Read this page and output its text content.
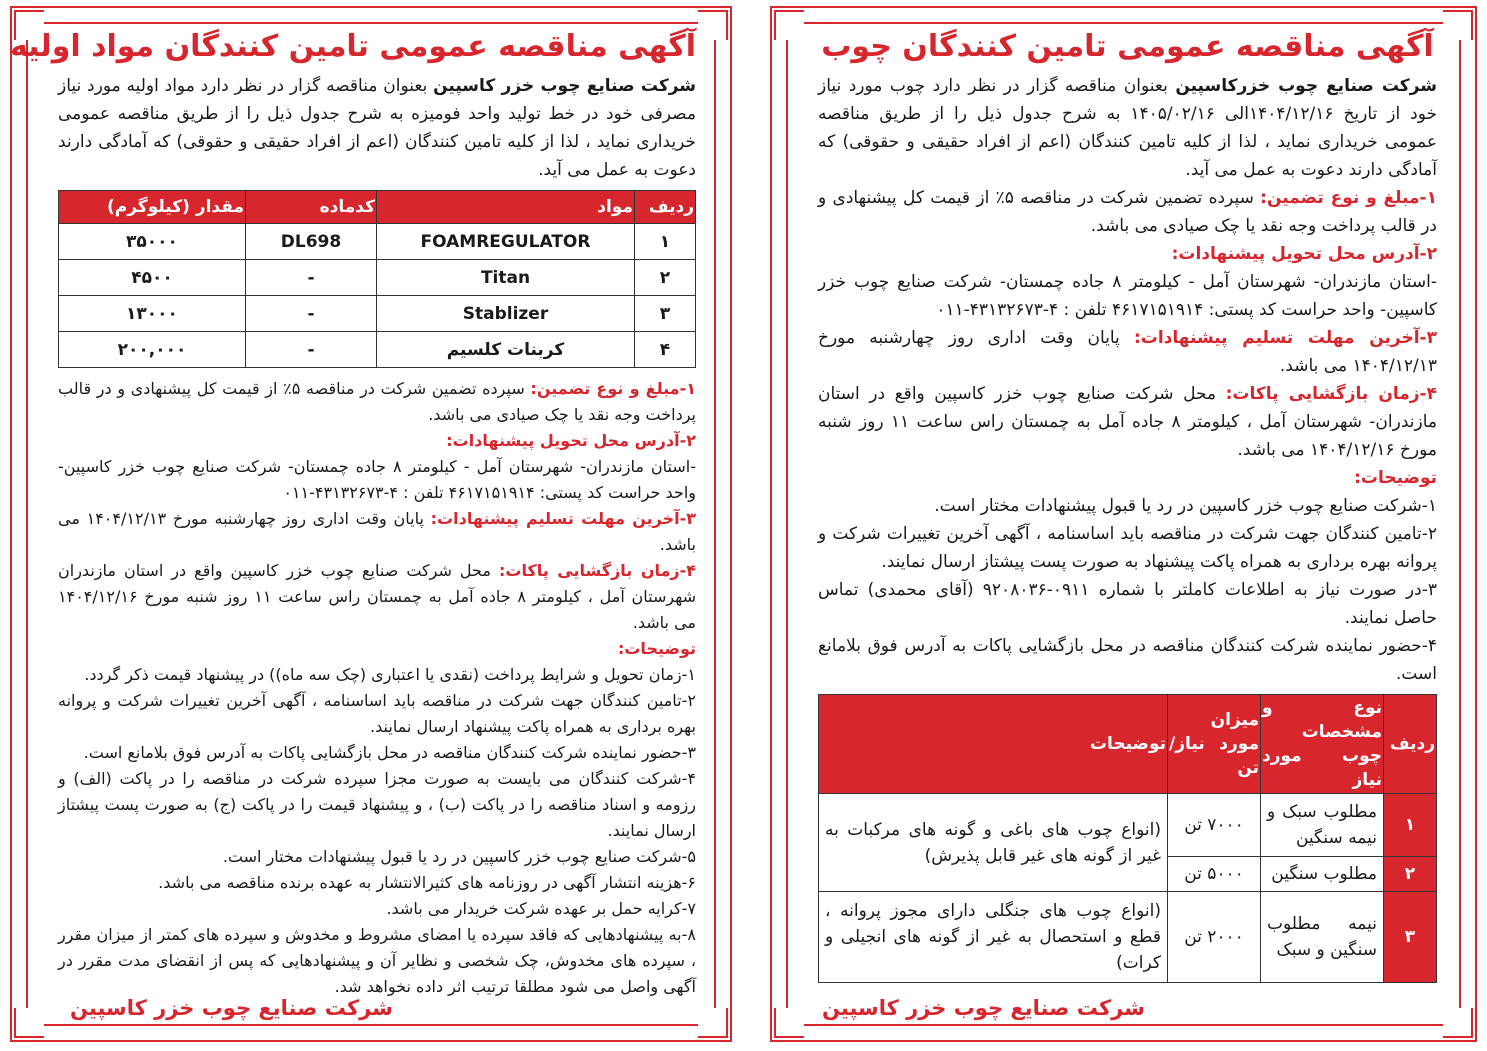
آگهی مناقصه عمومی تامین کنندگان مواد اولیه

شرکت صنایع چوب خزر کاسپین بعنوان مناقصه گزار در نظر دارد مواد اولیه مورد نیاز مصرفی خود در خط تولید واحد فومیزه به شرح جدول ذیل را از طریق مناقصه عمومی خریداری نماید ، لذا از کلیه تامین کنندگان (اعم از افراد حقیقی و حقوقی) که آمادگی دارند دعوت به عمل می آید.

ردیف	مواد	کدماده	مقدار (کیلوگرم)
۱	FOAMREGULATOR	DL698	۳۵۰۰۰
۲	Titan	-	۴۵۰۰
۳	Stablizer	-	۱۳۰۰۰
۴	کربنات کلسیم	-	۲۰۰,۰۰۰

۱-مبلغ و نوع تضمین: سپرده تضمین شرکت در مناقصه ۵٪ از قیمت کل پیشنهادی و در قالب پرداخت وجه نقد یا چک صیادی می باشد.

۲-آدرس محل تحویل پیشنهادات:

-استان مازندران- شهرستان آمل - کیلومتر ۸ جاده چمستان- شرکت صنایع چوب خزر کاسپین- واحد حراست کد پستی: ۴۶۱۷۱۵۱۹۱۴ تلفن : ۴-۴۳۱۳۲۶۷۳-۰۱۱

۳-آخرین مهلت تسلیم پیشنهادات: پایان وقت اداری روز چهارشنبه مورخ ۱۴۰۴/۱۲/۱۳ می باشد.

۴-زمان بازگشایی پاکات: محل شرکت صنایع چوب خزر کاسپین واقع در استان مازندران شهرستان آمل ، کیلومتر ۸ جاده آمل به چمستان راس ساعت ۱۱ روز شنبه مورخ ۱۴۰۴/۱۲/۱۶ می باشد.

توضیحات:

۱-زمان تحویل و شرایط پرداخت (نقدی یا اعتباری (چک سه ماه)) در پیشنهاد قیمت ذکر گردد.

۲-تامین کنندگان جهت شرکت در مناقصه باید اساسنامه ، آگهی آخرین تغییرات شرکت و پروانه بهره برداری به همراه پاکت پیشنهاد ارسال نمایند.

۳-حضور نماینده شرکت کنندگان مناقصه در محل بازگشایی پاکات به آدرس فوق بلامانع است.

۴-شرکت کنندگان می بایست به صورت مجزا سپرده شرکت در مناقصه را در پاکت (الف) و رزومه و اسناد مناقصه را در پاکت (ب) ، و پیشنهاد قیمت را در پاکت (ج) به صورت پست پیشتاز ارسال نمایند.

۵-شرکت صنایع چوب خزر کاسپین در رد یا قبول پیشنهادات مختار است.

۶-هزینه انتشار آگهی در روزنامه های کثیرالانتشار به عهده برنده مناقصه می باشد.

۷-کرایه حمل بر عهده شرکت خریدار می باشد.

۸-به پیشنهادهایی که فاقد سپرده یا امضای مشروط و مخدوش و سپرده های کمتر از میزان مقرر ، سپرده های مخدوش، چک شخصی و نظایر آن و پیشنهادهایی که پس از انقضای مدت مقرر در آگهی واصل می شود مطلقا ترتیب اثر داده نخواهد شد.

شرکت صنایع چوب خزر کاسپین
آگهی مناقصه عمومی تامین کنندگان چوب

شرکت صنایع چوب خزرکاسپین بعنوان مناقصه گزار در نظر دارد چوب مورد نیاز خود از تاریخ ۱۴۰۴/۱۲/۱۶الی ۱۴۰۵/۰۲/۱۶ به شرح جدول ذیل را از طریق مناقصه عمومی خریداری نماید ، لذا از کلیه تامین کنندگان (اعم از افراد حقیقی و حقوقی) که آمادگی دارند دعوت به عمل می آید.

۱-مبلغ و نوع تضمین: سپرده تضمین شرکت در مناقصه ۵٪ از قیمت کل پیشنهادی و در قالب پرداخت وجه نقد یا چک صیادی می باشد.

۲-آدرس محل تحویل پیشنهادات:

-استان مازندران- شهرستان آمل - کیلومتر ۸ جاده چمستان- شرکت صنایع چوب خزر کاسپین- واحد حراست کد پستی: ۴۶۱۷۱۵۱۹۱۴ تلفن : ۴-۴۳۱۳۲۶۷۳-۰۱۱

۳-آخرین مهلت تسلیم پیشنهادات: پایان وقت اداری روز چهارشنبه مورخ ۱۴۰۴/۱۲/۱۳ می باشد.

۴-زمان بازگشایی پاکات: محل شرکت صنایع چوب خزر کاسپین واقع در استان مازندران- شهرستان آمل ، کیلومتر ۸ جاده آمل به چمستان راس ساعت ۱۱ روز شنبه مورخ ۱۴۰۴/۱۲/۱۶ می باشد.

توضیحات:

۱-شرکت صنایع چوب خزر کاسپین در رد یا قبول پیشنهادات مختار است.

۲-تامین کنندگان جهت شرکت در مناقصه باید اساسنامه ، آگهی آخرین تغییرات شرکت و پروانه بهره برداری به همراه پاکت پیشنهاد به صورت پست پیشتاز ارسال نمایند.

۳-در صورت نیاز به اطلاعات کاملتر با شماره ۰۹۱۱-۹۲۰۸۰۳۶ (آقای محمدی) تماس حاصل نمایند.

۴-حضور نماینده شرکت کنندگان مناقصه در محل بازگشایی پاکات به آدرس فوق بلامانع است.

ردیف	نوع و مشخصات چوب مورد نیاز	میزان مورد نیاز/تن	توضیحات
۱	مطلوب سبک و نیمه سنگین	۷۰۰۰ تن	(انواع چوب های باغی و گونه های مرکبات به غیر از گونه های غیر قابل پذیرش)
۲	مطلوب سنگین	۵۰۰۰ تن	
۳	نیمه مطلوب سنگین و سبک	۲۰۰۰ تن	(انواع چوب های جنگلی دارای مجوز پروانه ، قطع و استحصال به غیر از گونه های انجیلی و کرات)
شرکت صنایع چوب خزر کاسپین
